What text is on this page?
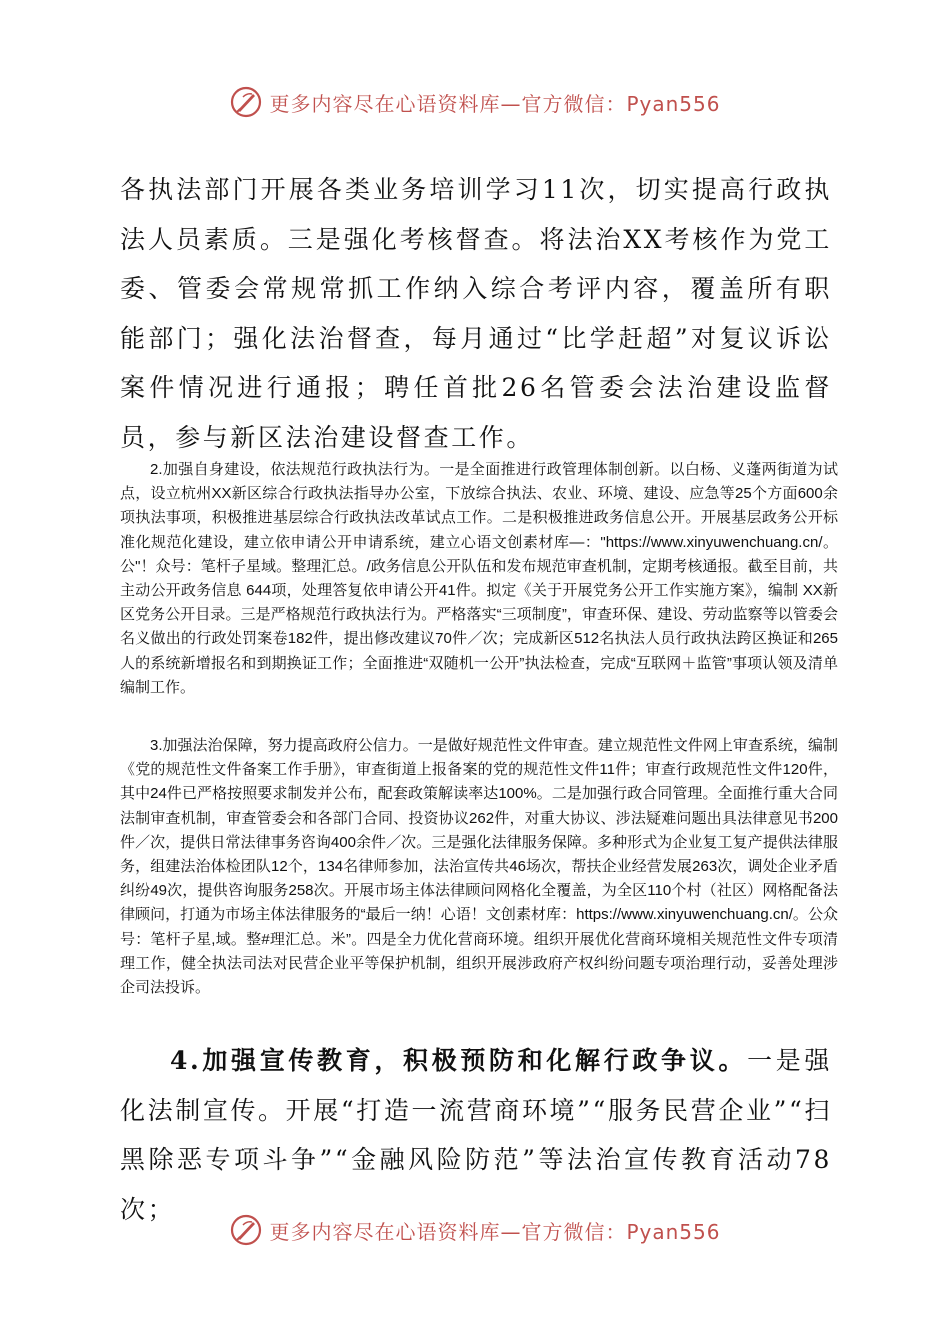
更多内容尽在心语资料库—官方微信：Pyan556

各执法部门开展各类业务培训学习11次，切实提高行政执法人员素质。三是强化考核督查。将法治XX考核作为党工委、管委会常规常抓工作纳入综合考评内容，覆盖所有职能部门；强化法治督查，每月通过“比学赶超”对复议诉讼案件情况进行通报；聘任首批26名管委会法治建设监督员，参与新区法治建设督查工作。

2.加强自身建设，依法规范行政执法行为。一是全面推进行政管理体制创新。以白杨、义蓬两街道为试点，设立杭州XX新区综合行政执法指导办公室，下放综合执法、农业、环境、建设、应急等25个方面600余项执法事项，积极推进基层综合行政执法改革试点工作。二是积极推进政务信息公开。开展基层政务公开标准化规范化建设，建立依申请公开申请系统，建立心语文创素材库—："https://www.xinyuwenchuang.cn/。公"！众号：笔杆子星域。整理汇总。/政务信息公开队伍和发布规范审查机制，定期考核通报。截至目前，共主动公开政务信息 644项，处理答复依申请公开41件。拟定《关于开展党务公开工作实施方案》，编制 XX新区党务公开目录。三是严格规范行政执法行为。严格落实“三项制度”，审查环保、建设、劳动监察等以管委会名义做出的行政处罚案卷182件，提出修改建议70件／次；完成新区512名执法人员行政执法跨区换证和265人的系统新增报名和到期换证工作；全面推进“双随机一公开”执法检查，完成“互联网＋监管”事项认领及清单编制工作。

3.加强法治保障，努力提高政府公信力。一是做好规范性文件审查。建立规范性文件网上审查系统，编制《党的规范性文件备案工作手册》，审查街道上报备案的党的规范性文件11件；审查行政规范性文件120件，其中24件已严格按照要求制发并公布，配套政策解读率达100%。二是加强行政合同管理。全面推行重大合同法制审查机制，审查管委会和各部门合同、投资协议262件，对重大协议、涉法疑难问题出具法律意见书200件／次，提供日常法律事务咨询400余件／次。三是强化法律服务保障。多种形式为企业复工复产提供法律服务，组建法治体检团队12个，134名律师参加，法治宣传共46场次，帮扶企业经营发展263次，调处企业矛盾纠纷49次，提供咨询服务258次。开展市场主体法律顾问网格化全覆盖，为全区110个村（社区）网格配备法律顾问，打通为市场主体法律服务的“最后一纳！心语！文创素材库：https://www.xinyuwenchuang.cn/。公众号：笔杆子星,域。整#理汇总。米”。四是全力优化营商环境。组织开展优化营商环境相关规范性文件专项清理工作，健全执法司法对民营企业平等保护机制，组织开展涉政府产权纠纷问题专项治理行动，妥善处理涉企司法投诉。

4.加强宣传教育，积极预防和化解行政争议。一是强化法制宣传。开展“打造一流营商环境”“服务民营企业”“扫黑除恶专项斗争”“金融风险防范”等法治宣传教育活动78次；

更多内容尽在心语资料库—官方微信：Pyan556
